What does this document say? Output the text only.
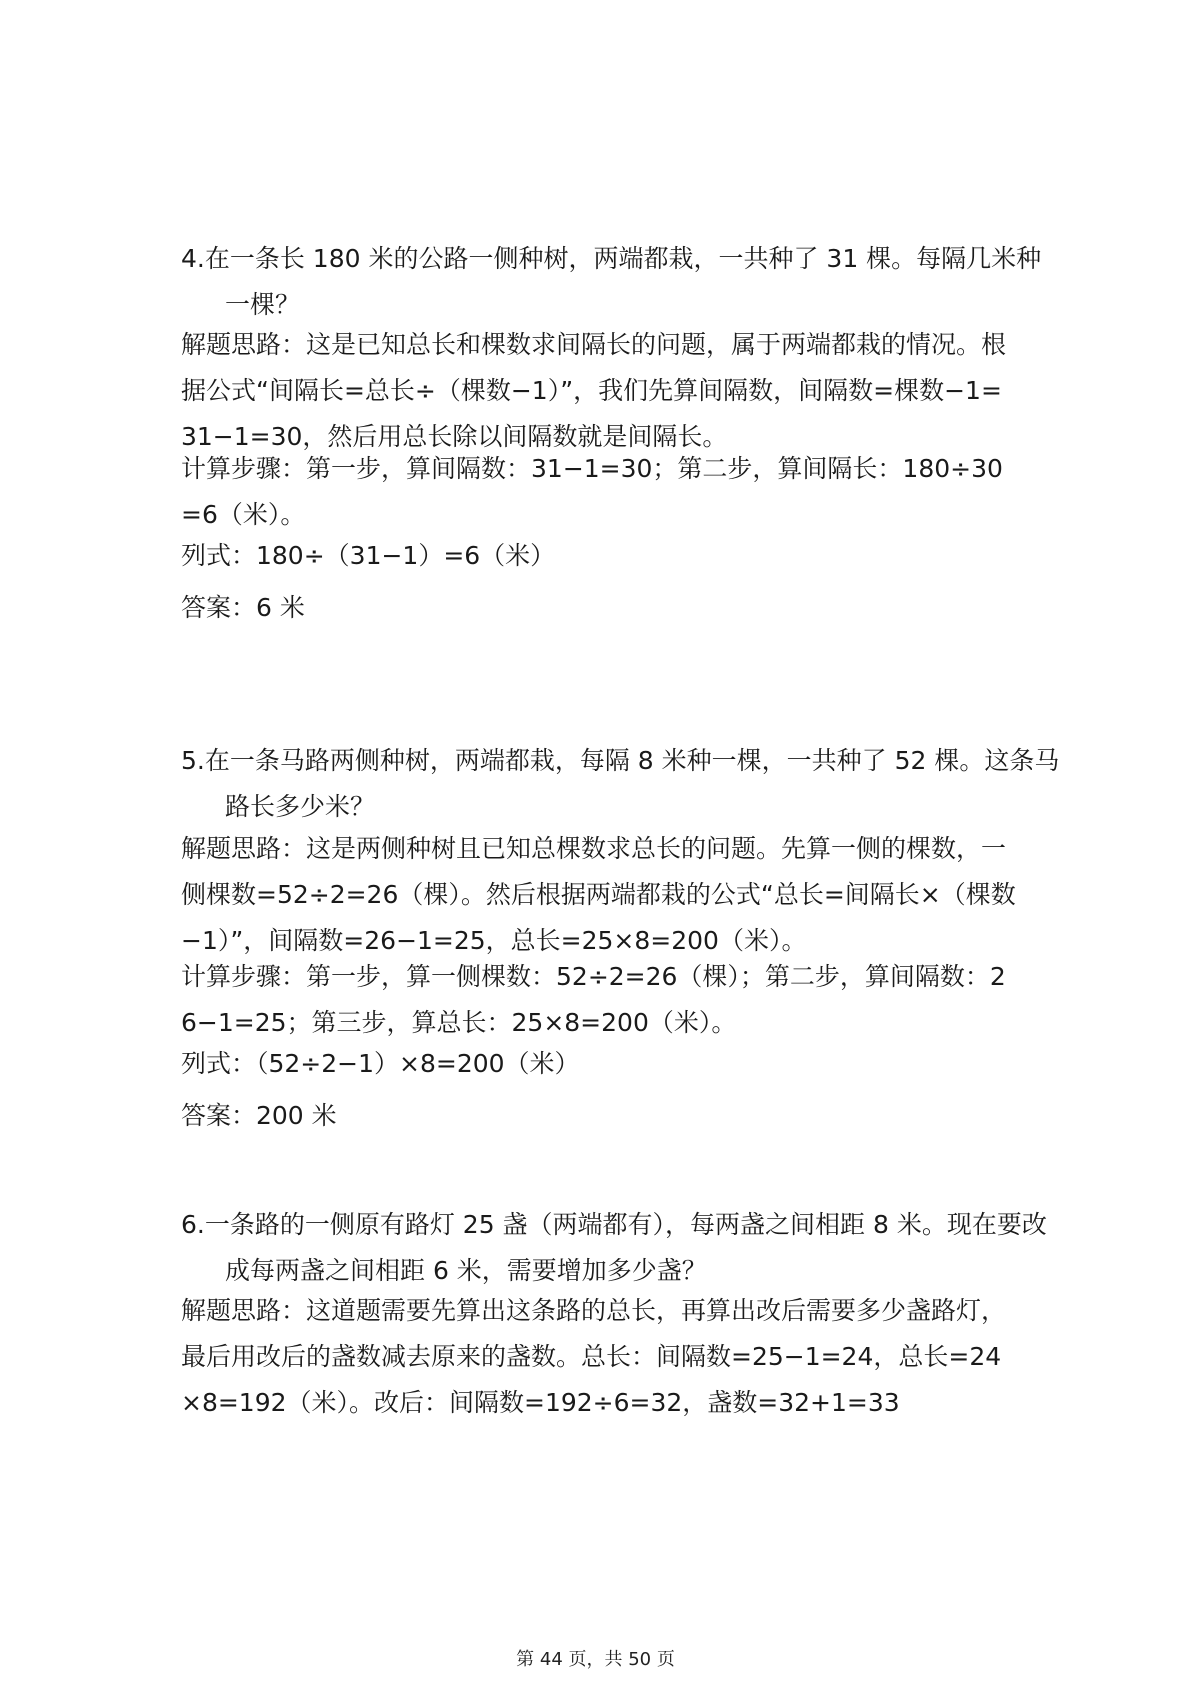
4.在一条长 180 米的公路一侧种树，两端都栽，一共种了 31 棵。每隔几米种一棵？

解题思路：这是已知总长和棵数求间隔长的问题，属于两端都栽的情况。根据公式“间隔长=总长÷（棵数−1）”，我们先算间隔数，间隔数=棵数−1=31−1=30，然后用总长除以间隔数就是间隔长。

计算步骤：第一步，算间隔数：31−1=30；第二步，算间隔长：180÷30=6（米）。

列式：180÷（31−1）=6（米）

答案：6 米

5.在一条马路两侧种树，两端都栽，每隔 8 米种一棵，一共种了 52 棵。这条马路长多少米？

解题思路：这是两侧种树且已知总棵数求总长的问题。先算一侧的棵数，一侧棵数=52÷2=26（棵）。然后根据两端都栽的公式“总长=间隔长×（棵数−1）”，间隔数=26−1=25，总长=25×8=200（米）。

计算步骤：第一步，算一侧棵数：52÷2=26（棵）；第二步，算间隔数：26−1=25；第三步，算总长：25×8=200（米）。

列式：（52÷2−1）×8=200（米）

答案：200 米

6.一条路的一侧原有路灯 25 盏（两端都有），每两盏之间相距 8 米。现在要改成每两盏之间相距 6 米，需要增加多少盏？

解题思路：这道题需要先算出这条路的总长，再算出改后需要多少盏路灯，最后用改后的盏数减去原来的盏数。总长：间隔数=25−1=24，总长=24×8=192（米）。改后：间隔数=192÷6=32，盏数=32+1=33

第 44 页，共 50 页
